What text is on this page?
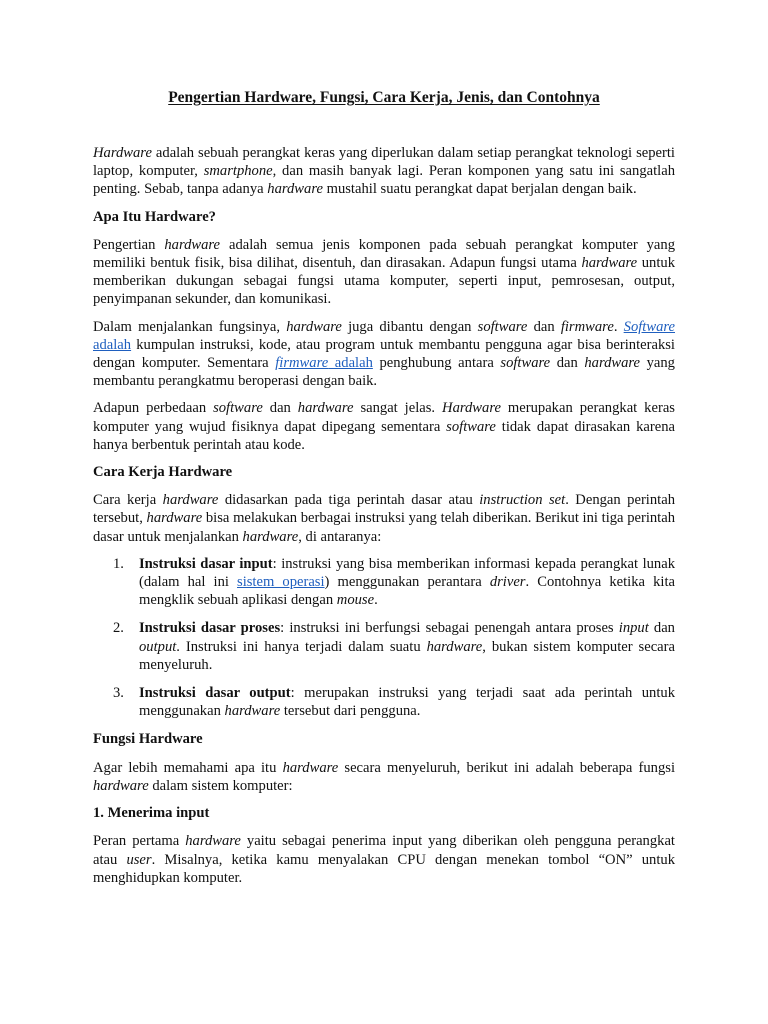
Pengertian Hardware, Fungsi, Cara Kerja, Jenis, dan Contohnya

Hardware adalah sebuah perangkat keras yang diperlukan dalam setiap perangkat teknologi seperti laptop, komputer, smartphone, dan masih banyak lagi. Peran komponen yang satu ini sangatlah penting. Sebab, tanpa adanya hardware mustahil suatu perangkat dapat berjalan dengan baik.

Apa Itu Hardware?

Pengertian hardware adalah semua jenis komponen pada sebuah perangkat komputer yang memiliki bentuk fisik, bisa dilihat, disentuh, dan dirasakan. Adapun fungsi utama hardware untuk memberikan dukungan sebagai fungsi utama komputer, seperti input, pemrosesan, output, penyimpanan sekunder, dan komunikasi.

Dalam menjalankan fungsinya, hardware juga dibantu dengan software dan firmware. Software adalah kumpulan instruksi, kode, atau program untuk membantu pengguna agar bisa berinteraksi dengan komputer. Sementara firmware adalah penghubung antara software dan hardware yang membantu perangkatmu beroperasi dengan baik.

Adapun perbedaan software dan hardware sangat jelas. Hardware merupakan perangkat keras komputer yang wujud fisiknya dapat dipegang sementara software tidak dapat dirasakan karena hanya berbentuk perintah atau kode.

Cara Kerja Hardware

Cara kerja hardware didasarkan pada tiga perintah dasar atau instruction set. Dengan perintah tersebut, hardware bisa melakukan berbagai instruksi yang telah diberikan. Berikut ini tiga perintah dasar untuk menjalankan hardware, di antaranya:

1. Instruksi dasar input: instruksi yang bisa memberikan informasi kepada perangkat lunak (dalam hal ini sistem operasi) menggunakan perantara driver. Contohnya ketika kita mengklik sebuah aplikasi dengan mouse.
2. Instruksi dasar proses: instruksi ini berfungsi sebagai penengah antara proses input dan output. Instruksi ini hanya terjadi dalam suatu hardware, bukan sistem komputer secara menyeluruh.
3. Instruksi dasar output: merupakan instruksi yang terjadi saat ada perintah untuk menggunakan hardware tersebut dari pengguna.
Fungsi Hardware

Agar lebih memahami apa itu hardware secara menyeluruh, berikut ini adalah beberapa fungsi hardware dalam sistem komputer:

1. Menerima input

Peran pertama hardware yaitu sebagai penerima input yang diberikan oleh pengguna perangkat atau user. Misalnya, ketika kamu menyalakan CPU dengan menekan tombol “ON” untuk menghidupkan komputer.
